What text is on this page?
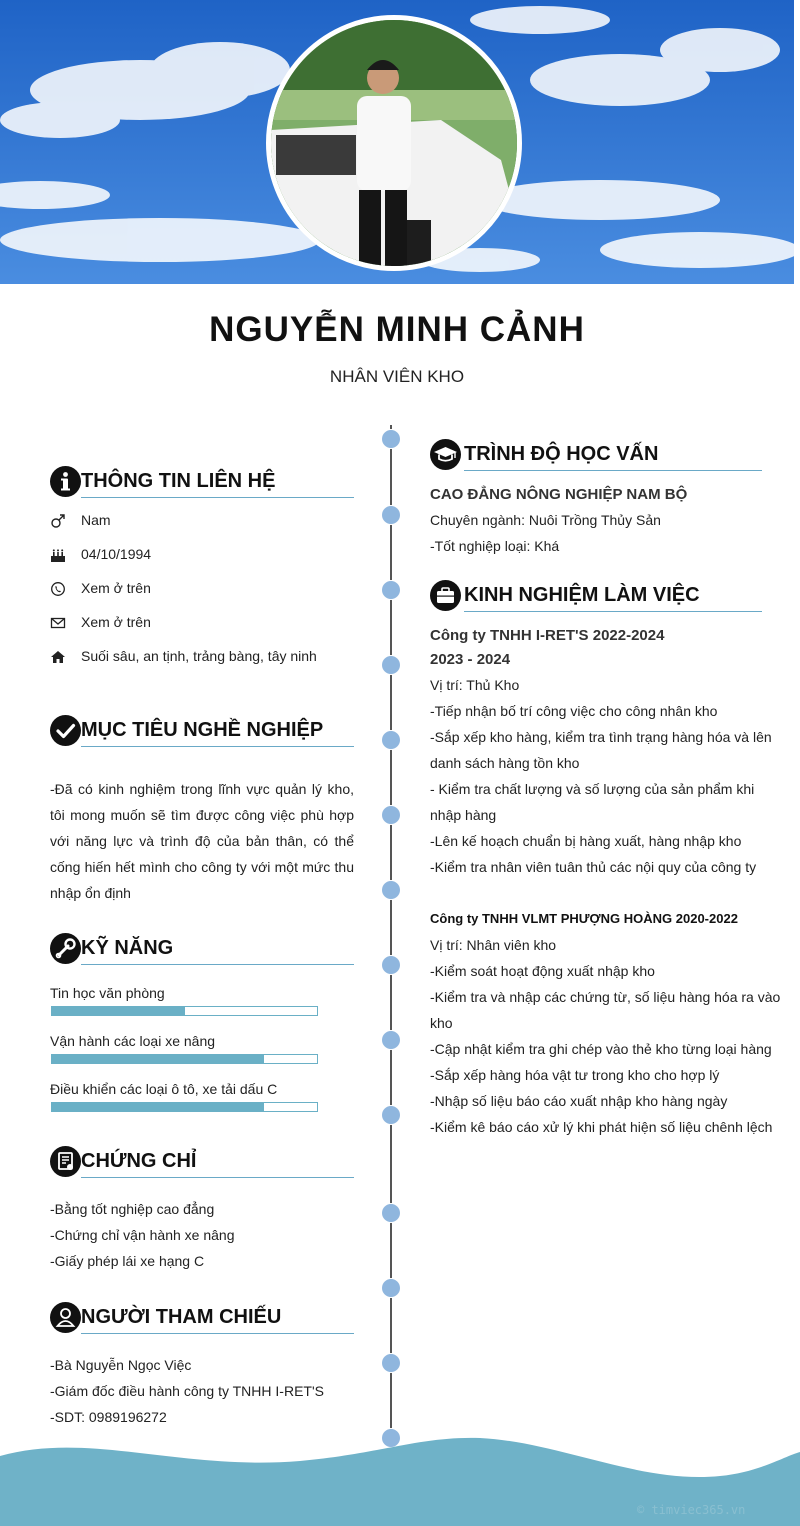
NGUYỄN MINH CẢNH
NHÂN VIÊN KHO
THÔNG TIN LIÊN HỆ
Nam
04/10/1994
Xem ở trên
Xem ở trên
Suối sâu, an tịnh, trảng bàng, tây ninh
MỤC TIÊU NGHỀ NGHIỆP
-Đã có kinh nghiệm trong lĩnh vực quản lý kho, tôi mong muốn sẽ tìm được công việc phù hợp với năng lực và trình độ của bản thân, có thể cống hiến hết mình cho công ty với một mức thu nhập ổn định
KỸ NĂNG
Tin học văn phòng
Vận hành các loại xe nâng
Điều khiển các loại ô tô, xe tải dấu C
CHỨNG CHỈ
-Bằng tốt nghiệp cao đẳng
-Chứng chỉ vận hành xe nâng
-Giấy phép lái xe hạng C
NGƯỜI THAM CHIẾU
-Bà Nguyễn Ngọc Việc
-Giám đốc điều hành công ty TNHH I-RET'S
-SDT: 0989196272
TRÌNH ĐỘ HỌC VẤN
CAO ĐẲNG NÔNG NGHIỆP NAM BỘ
Chuyên ngành: Nuôi Trồng Thủy Sản
-Tốt nghiệp loại: Khá
KINH NGHIỆM LÀM VIỆC
Công ty TNHH I-RET'S 2022-2024
2023 - 2024
Vị trí: Thủ Kho
-Tiếp nhận bố trí công việc cho công nhân kho
-Sắp xếp kho hàng, kiểm tra tình trạng hàng hóa và lên
danh sách hàng tồn kho
- Kiểm tra chất lượng và số lượng của sản phẩm khi
nhập hàng
-Lên kế hoạch chuẩn bị hàng xuất, hàng nhập kho
-Kiểm tra nhân viên tuân thủ các nội quy của công ty
Công ty TNHH VLMT PHƯỢNG HOÀNG 2020-2022
Vị trí: Nhân viên kho
-Kiểm soát hoạt động xuất nhập kho
-Kiểm tra và nhập các chứng từ, số liệu hàng hóa ra vào
kho
-Cập nhật kiểm tra ghi chép vào thẻ kho từng loại hàng
-Sắp xếp hàng hóa vật tư trong kho cho hợp lý
-Nhập số liệu báo cáo xuất nhập kho hàng ngày
-Kiểm kê báo cáo xử lý khi phát hiện số liệu chênh lệch
© timviec365.vn
